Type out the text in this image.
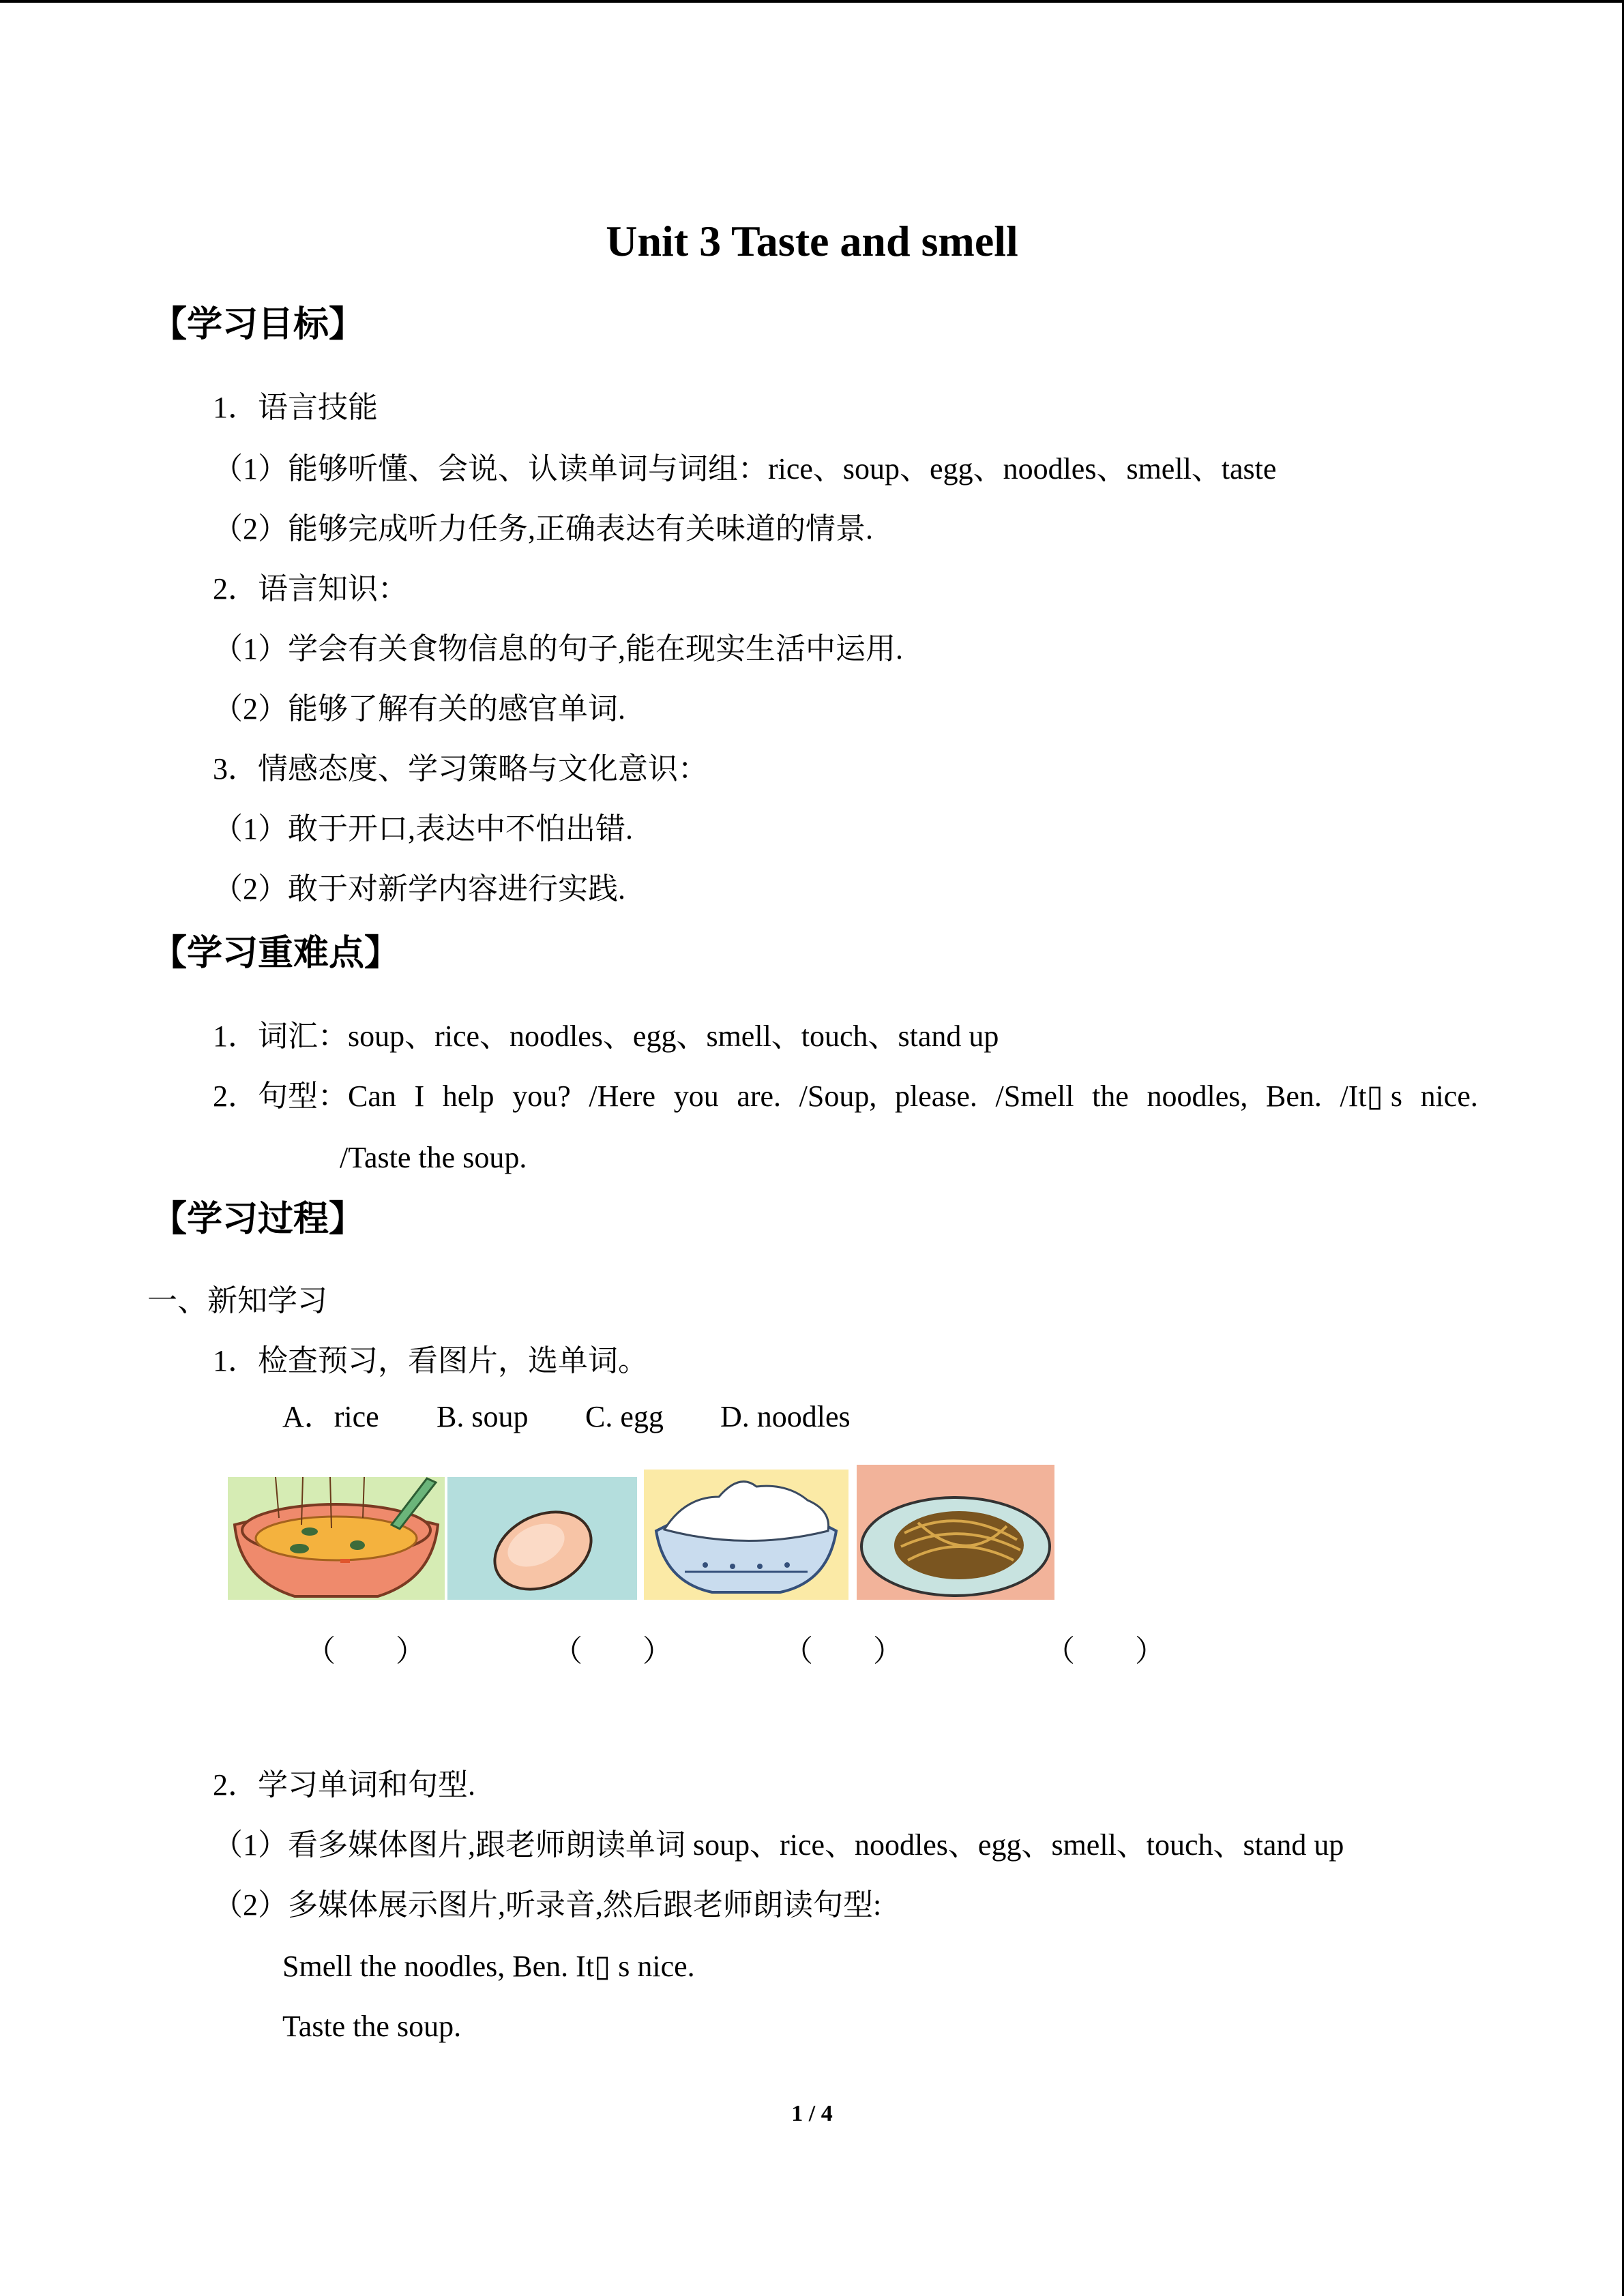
Unit 3 Taste and smell
【学习目标】
1．语言技能
（1）能够听懂、会说、认读单词与词组：rice、soup、egg、noodles、smell、taste
（2）能够完成听力任务,正确表达有关味道的情景.
2．语言知识：
（1）学会有关食物信息的句子,能在现实生活中运用.
（2）能够了解有关的感官单词.
3．情感态度、学习策略与文化意识：
（1）敢于开口,表达中不怕出错.
（2）敢于对新学内容进行实践.
【学习重难点】
1．词汇：soup、rice、noodles、egg、smell、touch、stand up
2．句型： Can I help you? /Here you are. /Soup, please. /Smell the noodles, Ben. /It▯ s nice.
/Taste the soup.
【学习过程】
一、新知学习
1．检查预习，看图片，选单词。
A．rice B. soup C. egg D. noodles
（　　）	（　　）	（　　）	（　　）
2．学习单词和句型.
（1）看多媒体图片,跟老师朗读单词 soup、rice、noodles、egg、smell、touch、stand up
（2）多媒体展示图片,听录音,然后跟老师朗读句型:
Smell the noodles, Ben. It▯ s nice.
Taste the soup.
1 / 4
